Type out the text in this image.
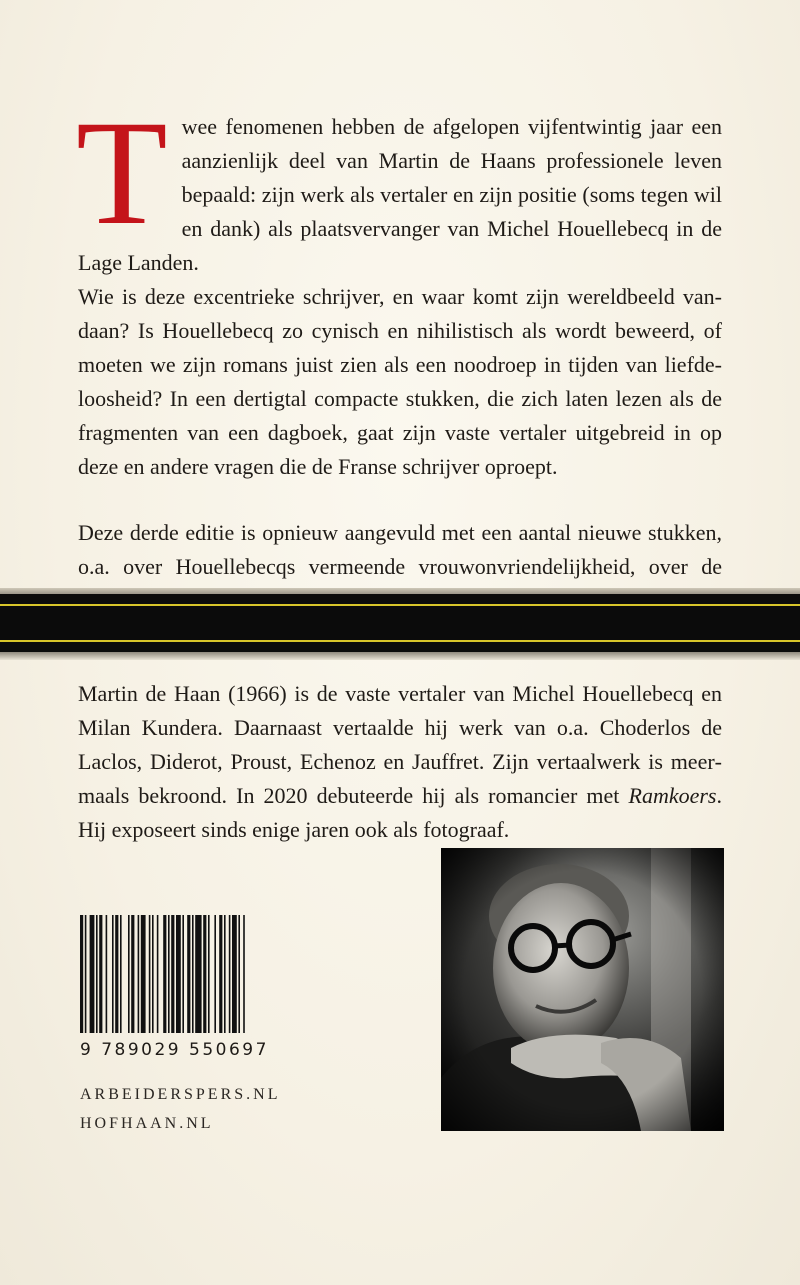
Twee fenomenen hebben de afgelopen vijfentwintig jaar een aanzienlijk deel van Martin de Haans professionele leven bepaald: zijn werk als vertaler en zijn positie (soms tegen wil en dank) als plaatsvervanger van Michel Houellebecq in de Lage Landen.

Wie is deze excentrieke schrijver, en waar komt zijn wereldbeeld vandaan? Is Houellebecq zo cynisch en nihilistisch als wordt beweerd, of moeten we zijn romans juist zien als een noodroep in tijden van liefdeloosheid? In een dertigtal compacte stukken, die zich laten lezen als de fragmenten van een dagboek, gaat zijn vaste vertaler uitgebreid in op deze en andere vragen die de Franse schrijver oproept.

Deze derde editie is opnieuw aangevuld met een aantal nieuwe stukken, o.a. over Houellebecqs vermeende vrouwonvriendelijkheid, over de

Martin de Haan (1966) is de vaste vertaler van Michel Houellebecq en Milan Kundera. Daarnaast vertaalde hij werk van o.a. Choderlos de Laclos, Diderot, Proust, Echenoz en Jauffret. Zijn vertaalwerk is meermaals bekroond. In 2020 debuteerde hij als romancier met Ramkoers. Hij exposeert sinds enige jaren ook als fotograaf.

9 789029 550697
ARBEIDERSPERS.NL
HOFHAAN.NL
